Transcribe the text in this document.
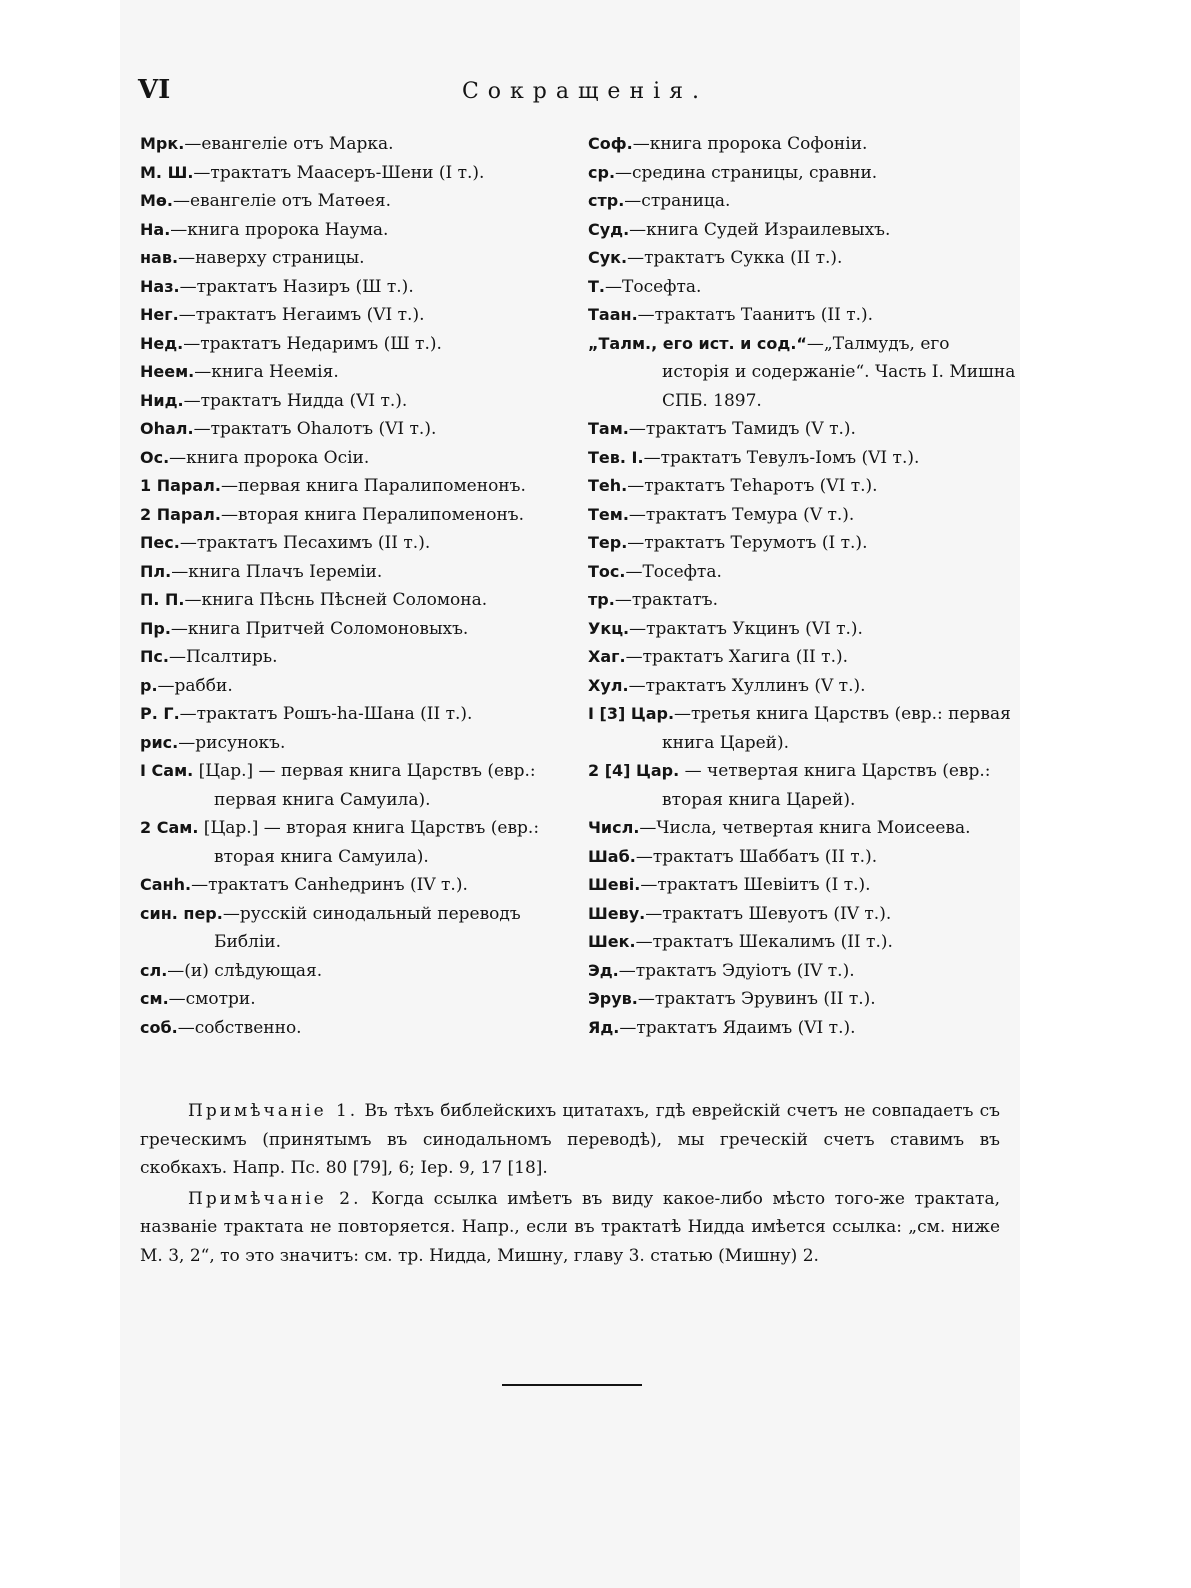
VI	Сокращенія.
Мрк.—евангеліе отъ Марка.
М. Ш.—трактатъ Маасеръ-Шени (I т.).
Мө.—евангеліе отъ Матөея.
На.—книга пророка Наума.
нав.—наверху страницы.
Наз.—трактатъ Назиръ (Ш т.).
Нег.—трактатъ Негаимъ (VI т.).
Нед.—трактатъ Недаримъ (Ш т.).
Неем.—книга Неемія.
Нид.—трактатъ Нидда (VI т.).
Оһал.—трактатъ Оһалотъ (VI т.).
Ос.—книга пророка Осіи.
1 Парал.—первая книга Паралипоменонъ.
2 Парал.—вторая книга Пералипоменонъ.
Пес.—трактатъ Песахимъ (II т.).
Пл.—книга Плачъ Іереміи.
П. П.—книга Пѣснь Пѣсней Соломона.
Пр.—книга Притчей Соломоновыхъ.
Пс.—Псалтирь.
р.—рабби.
Р. Г.—трактатъ Рошъ-һа-Шана (II т.).
рис.—рисунокъ.
I Сам. [Цар.] — первая книга Царствъ (евр.: первая книга Самуила).
2 Сам. [Цар.] — вторая книга Царствъ (евр.: вторая книга Самуила).
Санһ.—трактатъ Санһедринъ (IV т.).
син. пер.—русскій синодальный переводъ Библіи.
сл.—(и) слѣдующая.
см.—смотри.
соб.—собственно.
Соф.—книга пророка Софоніи.
ср.—средина страницы, сравни.
стр.—страница.
Суд.—книга Судей Израилевыхъ.
Сук.—трактатъ Сукка (II т.).
Т.—Тосефта.
Таан.—трактатъ Таанитъ (II т.).
„Талм., его ист. и сод.“—„Талмудъ, его исторія и содержаніе“. Часть I. Мишна СПБ. 1897.
Там.—трактатъ Тамидъ (V т.).
Тев. I.—трактатъ Тевулъ-Іомъ (VI т.).
Теһ.—трактатъ Теһаротъ (VI т.).
Тем.—трактатъ Темура (V т.).
Тер.—трактатъ Терумотъ (I т.).
Тос.—Тосефта.
тр.—трактатъ.
Укц.—трактатъ Укцинъ (VI т.).
Хаг.—трактатъ Хагига (II т.).
Хул.—трактатъ Хуллинъ (V т.).
I [3] Цар.—третья книга Царствъ (евр.: первая книга Царей).
2 [4] Цар. — четвертая книга Царствъ (евр.: вторая книга Царей).
Числ.—Числа, четвертая книга Моисеева.
Шаб.—трактатъ Шаббатъ (II т.).
Шеві.—трактатъ Шевіитъ (I т.).
Шеву.—трактатъ Шевуотъ (IV т.).
Шек.—трактатъ Шекалимъ (II т.).
Эд.—трактатъ Эдуіотъ (IV т.).
Эрув.—трактатъ Эрувинъ (II т.).
Яд.—трактатъ Ядаимъ (VI т.).

Примѣчаніе 1. Въ тѣхъ библейскихъ цитатахъ, гдѣ еврейскій счетъ не совпадаетъ съ греческимъ (принятымъ въ синодальномъ переводѣ), мы греческій счетъ ставимъ въ скобкахъ. Напр. Пс. 80 [79], 6; Іер. 9, 17 [18].

Примѣчаніе 2. Когда ссылка имѣетъ въ виду какое-либо мѣсто того-же трактата, названіе трактата не повторяется. Напр., если въ трактатѣ Нидда имѣется ссылка: „см. ниже М. 3, 2“, то это значитъ: см. тр. Нидда, Мишну, главу 3. статью (Мишну) 2.
